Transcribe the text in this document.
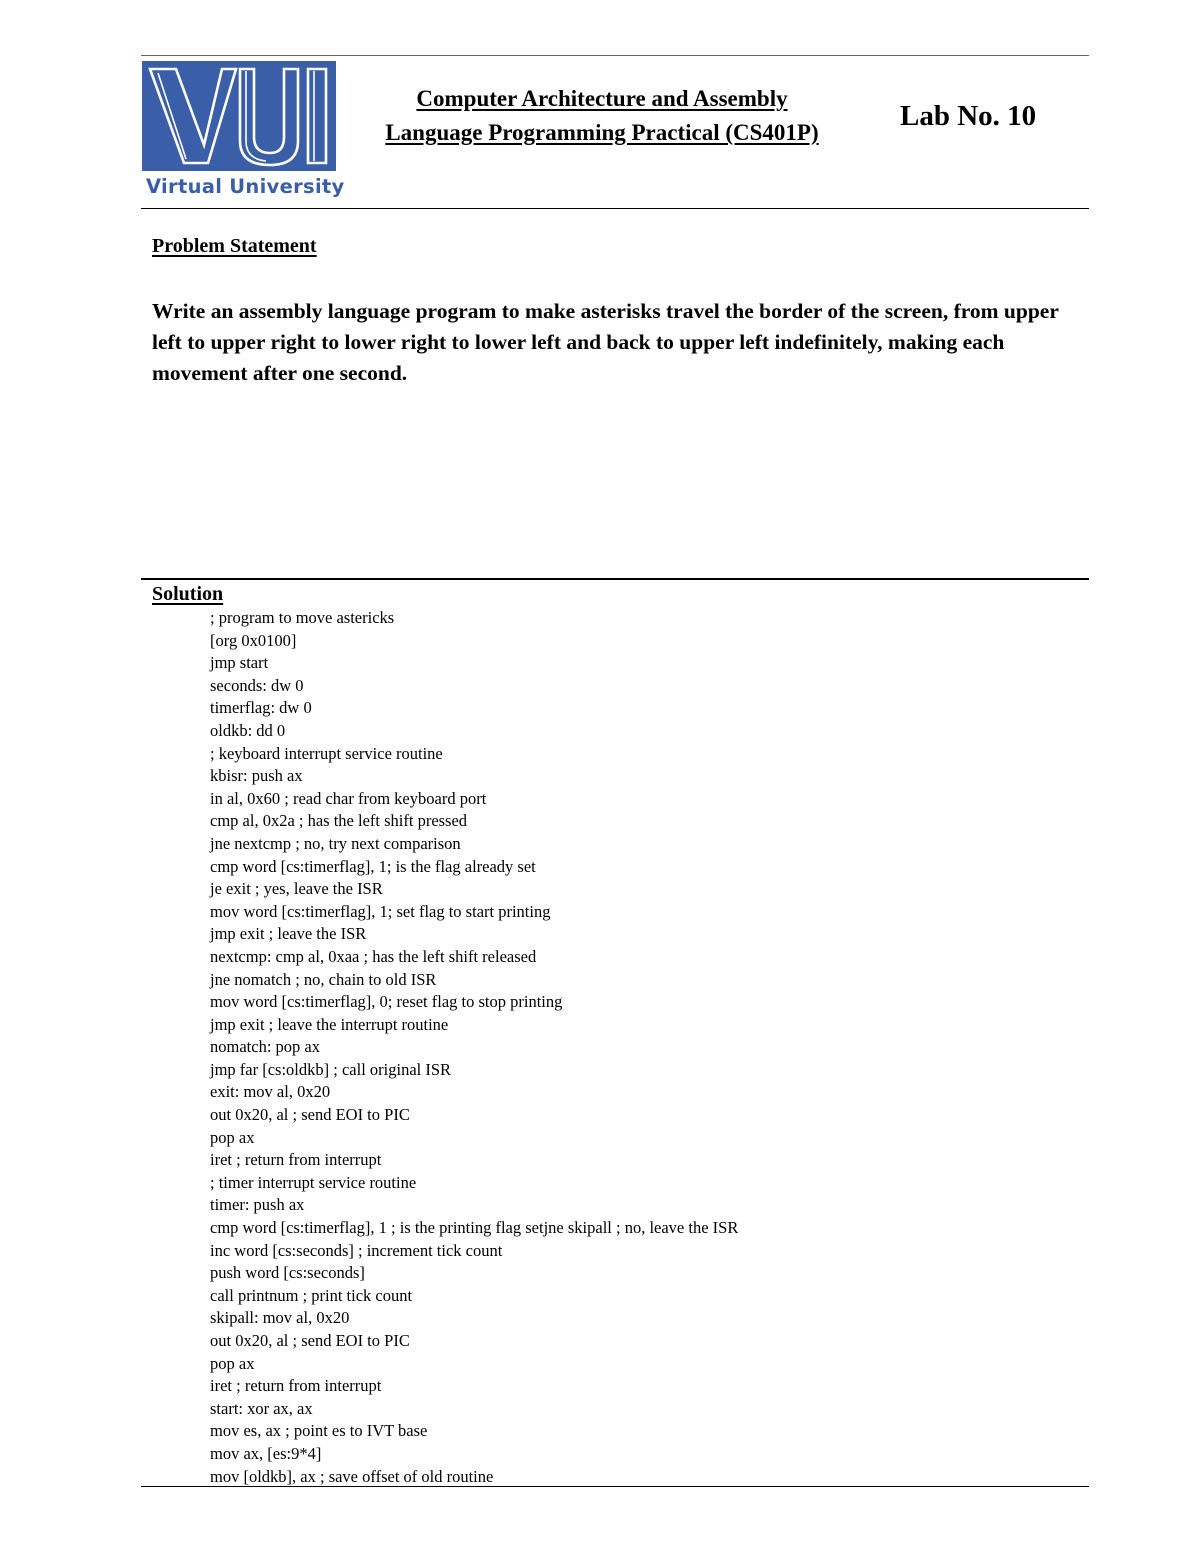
Virtual University
Computer Architecture and Assembly
Language Programming Practical (CS401P)
Lab No. 10
Problem Statement
Write an assembly language program to make asterisks travel the border of the screen, from upper left to upper right to lower right to lower left and back to upper left indefinitely, making each movement after one second.
Solution
; program to move astericks
[org 0x0100]
jmp start
seconds: dw 0
timerflag: dw 0
oldkb: dd 0
; keyboard interrupt service routine
kbisr: push ax
in al, 0x60 ; read char from keyboard port
cmp al, 0x2a ; has the left shift pressed
jne nextcmp ; no, try next comparison
cmp word [cs:timerflag], 1; is the flag already set
je exit ; yes, leave the ISR
mov word [cs:timerflag], 1; set flag to start printing
jmp exit ; leave the ISR
nextcmp: cmp al, 0xaa ; has the left shift released
jne nomatch ; no, chain to old ISR
mov word [cs:timerflag], 0; reset flag to stop printing
jmp exit ; leave the interrupt routine
nomatch: pop ax
jmp far [cs:oldkb] ; call original ISR
exit: mov al, 0x20
out 0x20, al ; send EOI to PIC
pop ax
iret ; return from interrupt
; timer interrupt service routine
timer: push ax
cmp word [cs:timerflag], 1 ; is the printing flag setjne skipall ; no, leave the ISR
inc word [cs:seconds] ; increment tick count
push word [cs:seconds]
call printnum ; print tick count
skipall: mov al, 0x20
out 0x20, al ; send EOI to PIC
pop ax
iret ; return from interrupt
start: xor ax, ax
mov es, ax ; point es to IVT base
mov ax, [es:9*4]
mov [oldkb], ax ; save offset of old routine
